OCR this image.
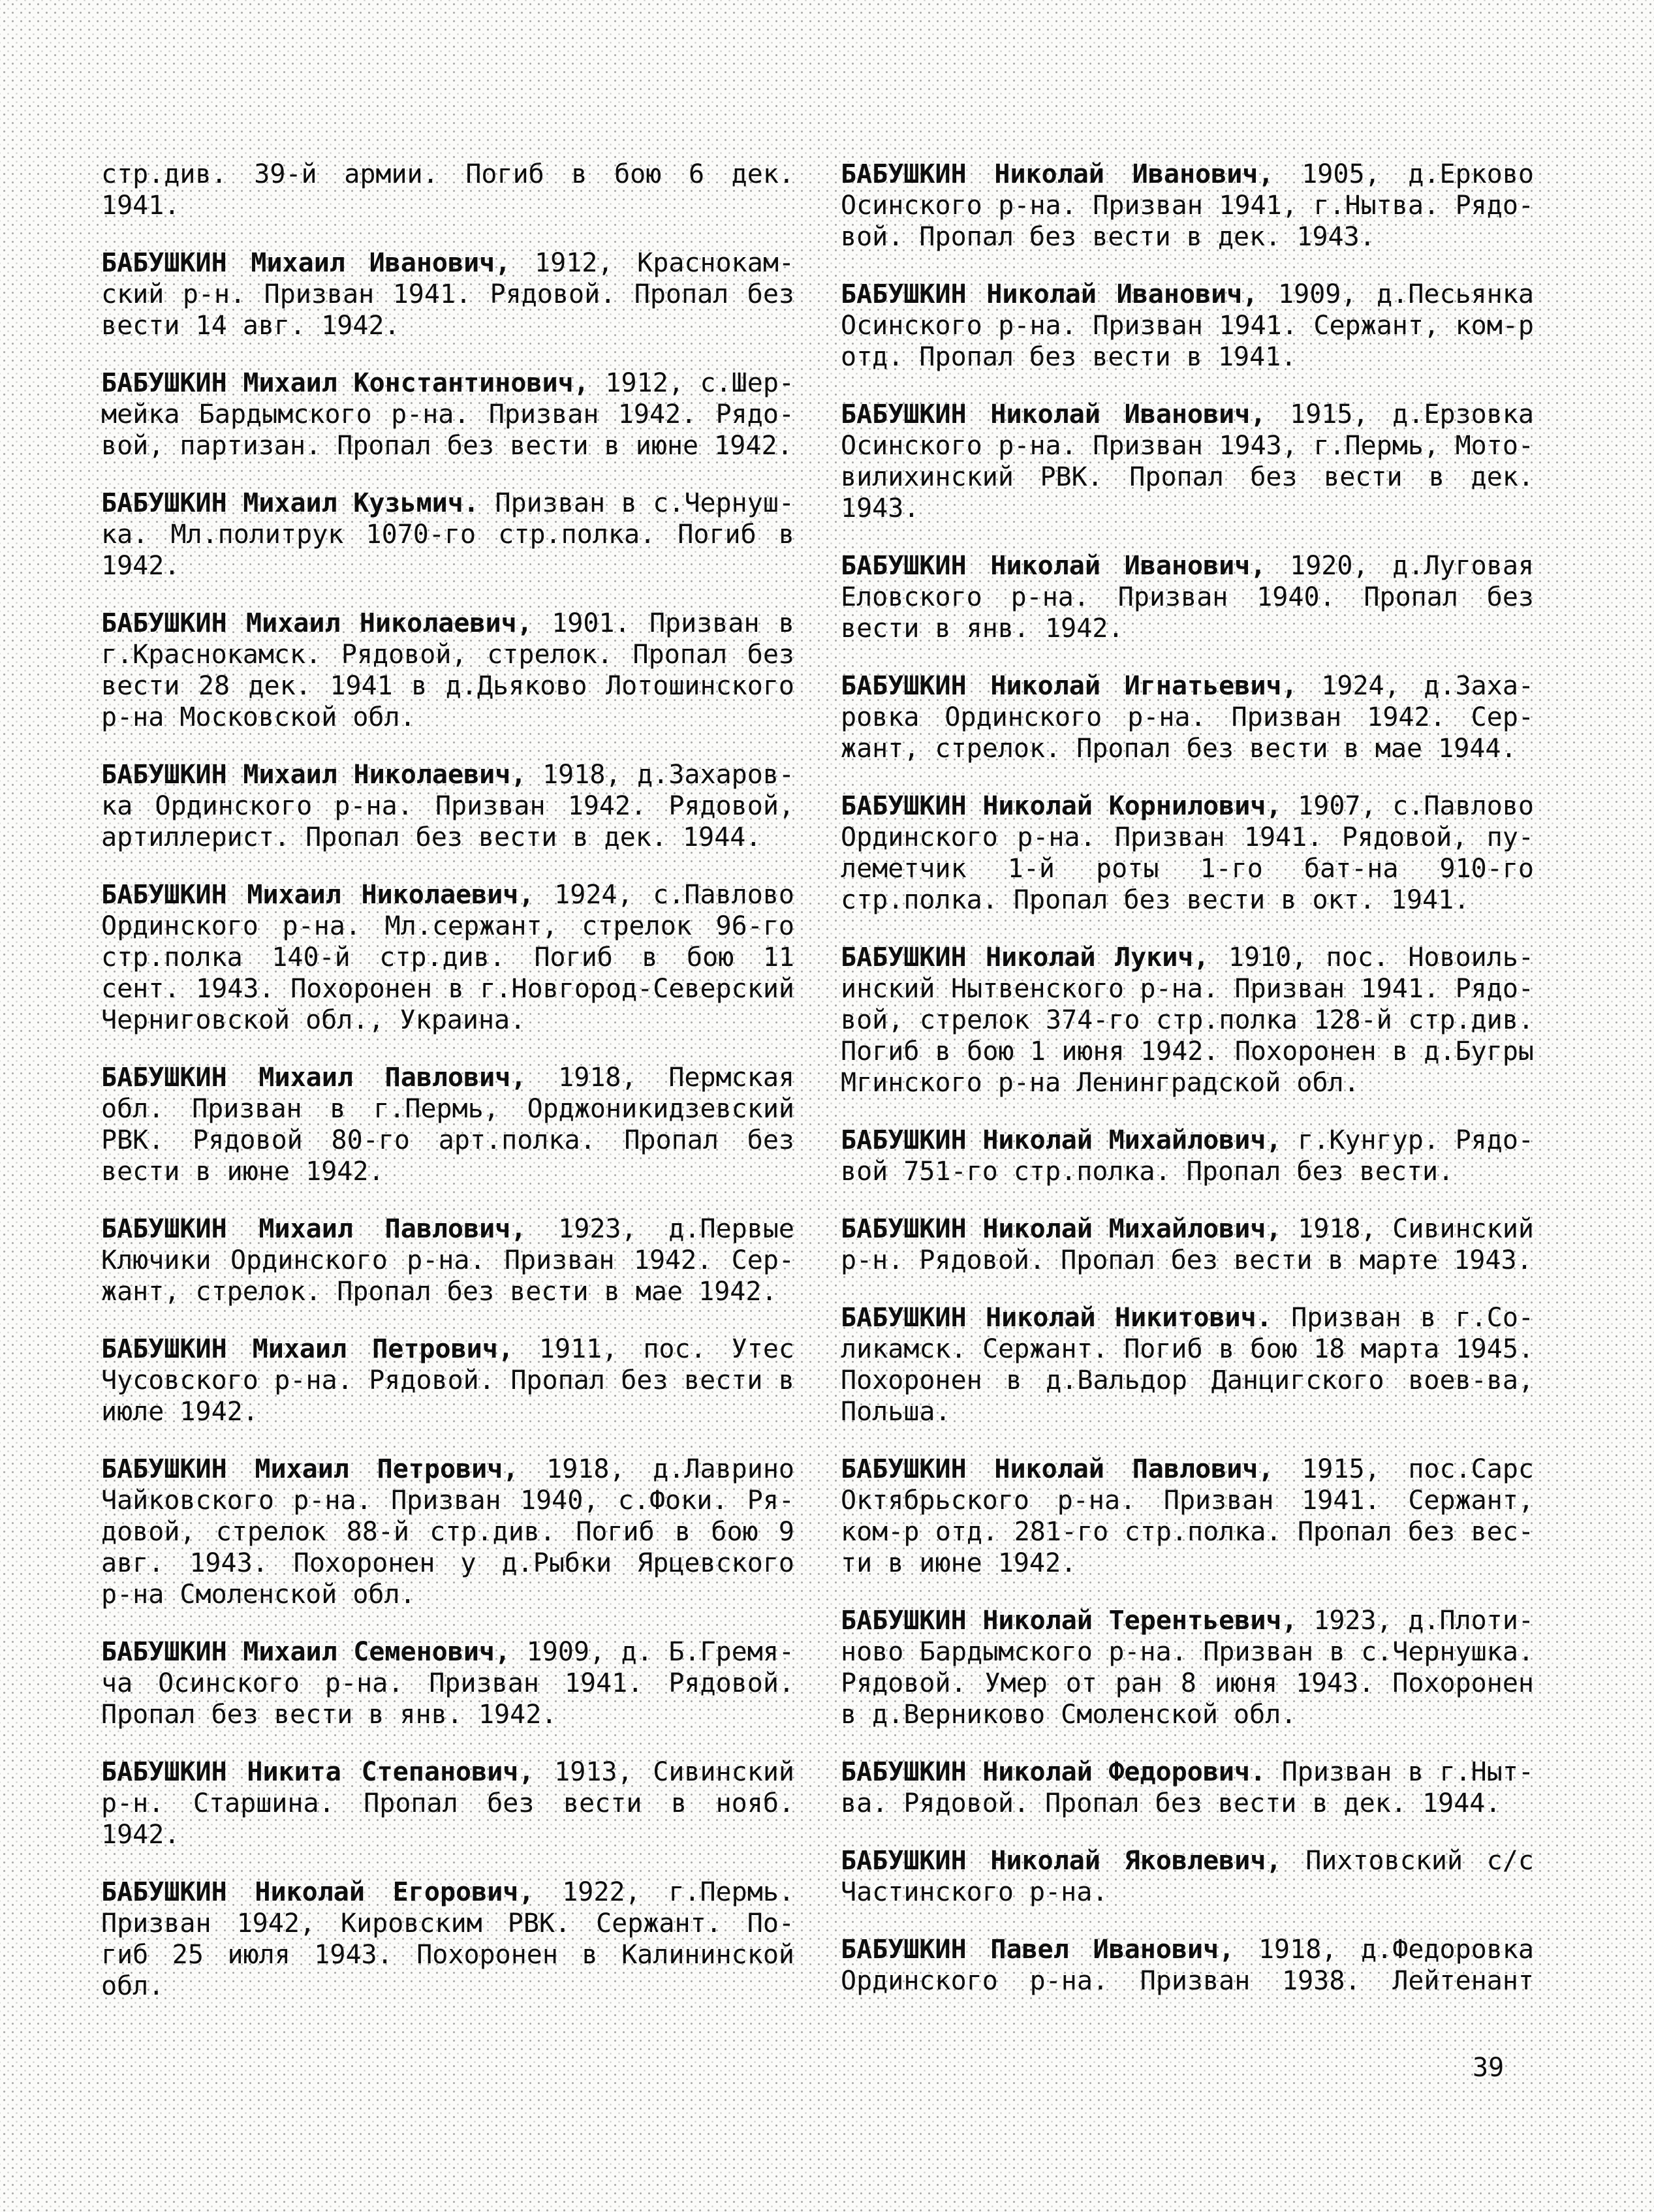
стр.див. 39-й армии. Погиб в бою 6 дек.
1941.
БАБУШКИН Михаил Иванович, 1912, Краснокам-
ский р-н. Призван 1941. Рядовой. Пропал без
вести 14 авг. 1942.
БАБУШКИН Михаил Константинович, 1912, с.Шер-
мейка Бардымского р-на. Призван 1942. Рядо-
вой, партизан. Пропал без вести в июне 1942.
БАБУШКИН Михаил Кузьмич. Призван в с.Чернуш-
ка. Мл.политрук 1070-го стр.полка. Погиб в
1942.
БАБУШКИН Михаил Николаевич, 1901. Призван в
г.Краснокамск. Рядовой, стрелок. Пропал без
вести 28 дек. 1941 в д.Дьяково Лотошинского
р-на Московской обл.
БАБУШКИН Михаил Николаевич, 1918, д.Захаров-
ка Ординского р-на. Призван 1942. Рядовой,
артиллерист. Пропал без вести в дек. 1944.
БАБУШКИН Михаил Николаевич, 1924, с.Павлово
Ординского р-на. Мл.сержант, стрелок 96-го
стр.полка 140-й стр.див. Погиб в бою 11
сент. 1943. Похоронен в г.Новгород-Северский
Черниговской обл., Украина.
БАБУШКИН Михаил Павлович, 1918, Пермская
обл. Призван в г.Пермь, Орджоникидзевский
РВК. Рядовой 80-го арт.полка. Пропал без
вести в июне 1942.
БАБУШКИН Михаил Павлович, 1923, д.Первые
Ключики Ординского р-на. Призван 1942. Сер-
жант, стрелок. Пропал без вести в мае 1942.
БАБУШКИН Михаил Петрович, 1911, пос. Утес
Чусовского р-на. Рядовой. Пропал без вести в
июле 1942.
БАБУШКИН Михаил Петрович, 1918, д.Лаврино
Чайковского р-на. Призван 1940, с.Фоки. Ря-
довой, стрелок 88-й стр.див. Погиб в бою 9
авг. 1943. Похоронен у д.Рыбки Ярцевского
р-на Смоленской обл.
БАБУШКИН Михаил Семенович, 1909, д. Б.Гремя-
ча Осинского р-на. Призван 1941. Рядовой.
Пропал без вести в янв. 1942.
БАБУШКИН Никита Степанович, 1913, Сивинский
р-н. Старшина. Пропал без вести в нояб.
1942.
БАБУШКИН Николай Егорович, 1922, г.Пермь.
Призван 1942, Кировским РВК. Сержант. По-
гиб 25 июля 1943. Похоронен в Калининской
обл.
БАБУШКИН Николай Иванович, 1905, д.Ерково
Осинского р-на. Призван 1941, г.Нытва. Рядо-
вой. Пропал без вести в дек. 1943.
БАБУШКИН Николай Иванович, 1909, д.Песьянка
Осинского р-на. Призван 1941. Сержант, ком-р
отд. Пропал без вести в 1941.
БАБУШКИН Николай Иванович, 1915, д.Ерзовка
Осинского р-на. Призван 1943, г.Пермь, Мото-
вилихинский РВК. Пропал без вести в дек.
1943.
БАБУШКИН Николай Иванович, 1920, д.Луговая
Еловского р-на. Призван 1940. Пропал без
вести в янв. 1942.
БАБУШКИН Николай Игнатьевич, 1924, д.Заха-
ровка Ординского р-на. Призван 1942. Сер-
жант, стрелок. Пропал без вести в мае 1944.
БАБУШКИН Николай Корнилович, 1907, с.Павлово
Ординского р-на. Призван 1941. Рядовой, пу-
леметчик 1-й роты 1-го бат-на 910-го
стр.полка. Пропал без вести в окт. 1941.
БАБУШКИН Николай Лукич, 1910, пос. Новоиль-
инский Нытвенского р-на. Призван 1941. Рядо-
вой, стрелок 374-го стр.полка 128-й стр.див.
Погиб в бою 1 июня 1942. Похоронен в д.Бугры
Мгинского р-на Ленинградской обл.
БАБУШКИН Николай Михайлович, г.Кунгур. Рядо-
вой 751-го стр.полка. Пропал без вести.
БАБУШКИН Николай Михайлович, 1918, Сивинский
р-н. Рядовой. Пропал без вести в марте 1943.
БАБУШКИН Николай Никитович. Призван в г.Со-
ликамск. Сержант. Погиб в бою 18 марта 1945.
Похоронен в д.Вальдор Данцигского воев-ва,
Польша.
БАБУШКИН Николай Павлович, 1915, пос.Сарс
Октябрьского р-на. Призван 1941. Сержант,
ком-р отд. 281-го стр.полка. Пропал без вес-
ти в июне 1942.
БАБУШКИН Николай Терентьевич, 1923, д.Плоти-
ново Бардымского р-на. Призван в с.Чернушка.
Рядовой. Умер от ран 8 июня 1943. Похоронен
в д.Верниково Смоленской обл.
БАБУШКИН Николай Федорович. Призван в г.Ныт-
ва. Рядовой. Пропал без вести в дек. 1944.
БАБУШКИН Николай Яковлевич, Пихтовский с/с
Частинского р-на.
БАБУШКИН Павел Иванович, 1918, д.Федоровка
Ординского р-на. Призван 1938. Лейтенант
39
